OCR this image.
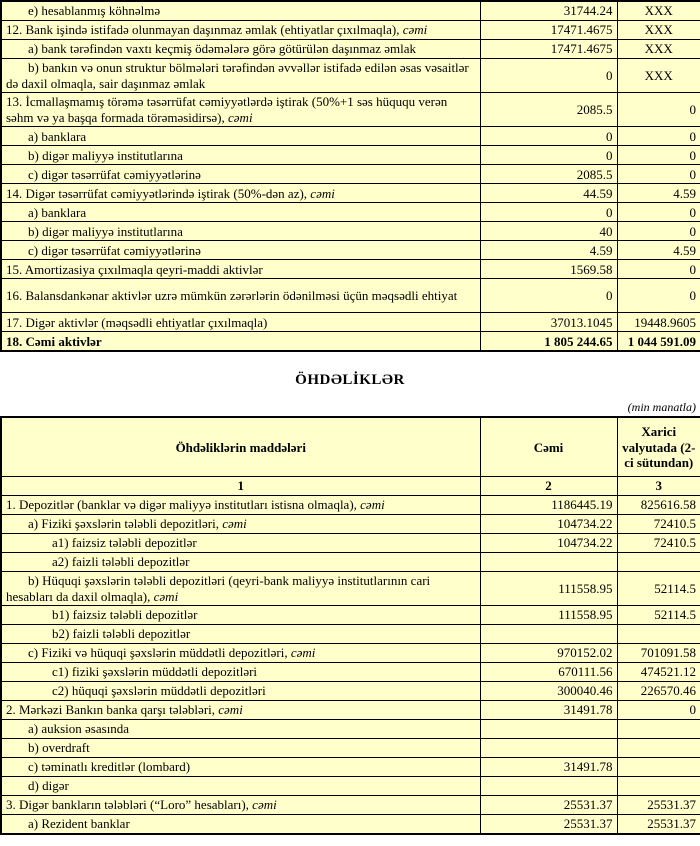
e) hesablanmış köhnəlmə	31744.24	XXX
12. Bank işində istifadə olunmayan daşınmaz əmlak (ehtiyatlar çıxılmaqla), cəmi	17471.4675	XXX
a) bank tərəfindən vaxtı keçmiş ödəmələrə görə götürülən daşınmaz əmlak	17471.4675	XXX
b) bankın və onun struktur bölmələri tərəfindən əvvəllər istifadə edilən əsas vəsaitlər də daxil olmaqla, sair daşınmaz əmlak	0	XXX
13. İcmallaşmamış törəmə təsərrüfat cəmiyyətlərdə iştirak (50%+1 səs hüququ verən səhm və ya başqa formada törəməsidirsə), cəmi	2085.5	0
a) banklara	0	0
b) digər maliyyə institutlarına	0	0
c) digər təsərrüfat cəmiyyətlərinə	2085.5	0
14. Digər təsərrüfat cəmiyyətlərində iştirak (50%-dən az), cəmi	44.59	4.59
a) banklara	0	0
b) digər maliyyə institutlarına	40	0
c) digər təsərrüfat cəmiyyətlərinə	4.59	4.59
15. Amortizasiya çıxılmaqla qeyri-maddi aktivlər	1569.58	0
16. Balansdankənar aktivlər uzrə mümkün zərərlərin ödənilməsi üçün məqsədli ehtiyat	0	0
17. Digər aktivlər (məqsədli ehtiyatlar çıxılmaqla)	37013.1045	19448.9605
18. Cəmi aktivlər	1 805 244.65	1 044 591.09
ÖHDƏLİKLƏR
(min manatla)
Öhdəliklərin maddələri	Cəmi	Xarici valyutada (2-ci sütundan)
1	2	3
1. Depozitlər (banklar və digər maliyyə institutları istisna olmaqla), cəmi	1186445.19	825616.58
a) Fiziki şəxslərin tələbli depozitləri, cəmi	104734.22	72410.5
a1) faizsiz tələbli depozitlər	104734.22	72410.5
a2) faizli tələbli depozitlər		
b) Hüquqi şəxslərin tələbli depozitləri (qeyri-bank maliyyə institutlarının cari hesabları da daxil olmaqla), cəmi	111558.95	52114.5
b1) faizsiz tələbli depozitlər	111558.95	52114.5
b2) faizli tələbli depozitlər		
c) Fiziki və hüquqi şəxslərin müddətli depozitləri, cəmi	970152.02	701091.58
c1) fiziki şəxslərin müddətli depozitləri	670111.56	474521.12
c2) hüquqi şəxslərin müddətli depozitləri	300040.46	226570.46
2. Mərkəzi Bankın banka qarşı tələbləri, cəmi	31491.78	0
a) auksion əsasında		
b) overdraft		
c) təminatlı kreditlər (lombard)	31491.78	
d) digər		
3. Digər bankların tələbləri (“Loro” hesabları), cəmi	25531.37	25531.37
a) Rezident banklar	25531.37	25531.37
